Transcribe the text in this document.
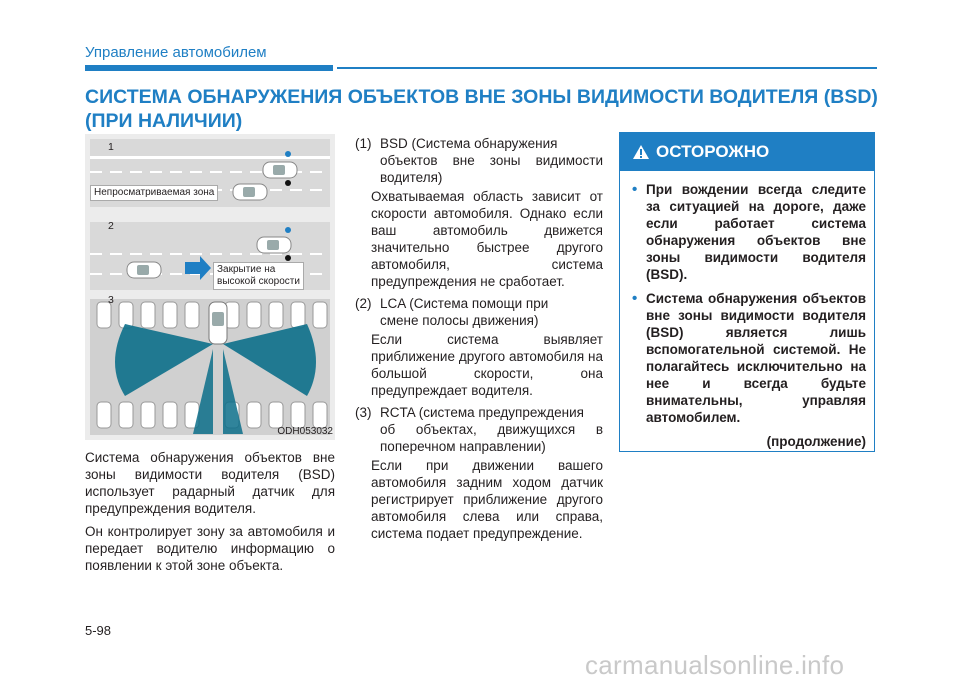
Управление автомобилем
СИСТЕМА ОБНАРУЖЕНИЯ ОБЪЕКТОВ ВНЕ ЗОНЫ ВИДИМОСТИ ВОДИТЕЛЯ (BSD) (ПРИ НАЛИЧИИ)
1
2
3
Непросматриваемая зона
Закрытие на
высокой скорости
ODH053032

Система обнаружения объектов вне зоны видимости водителя (BSD) использует радарный датчик для предупреждения водителя.

Он контролирует зону за автомобиля и передает водителю информацию о появлении к этой зоне объекта.

(1) BSD (Система обнаружения
объектов вне зоны видимости водителя)
Охватываемая область зависит от скорости автомобиля. Однако если ваш автомобиль движется значительно быстрее другого автомобиля, система предупреждения не сработает.
(2) LCA (Система помощи при
смене полосы движения)
Если система выявляет приближение другого автомобиля на большой скорости, она предупреждает водителя.
(3) RCTA (система предупреждения
об объектах, движущихся в поперечном направлении)
Если при движении вашего автомобиля задним ходом датчик регистрирует приближение другого автомобиля слева или справа, система подает предупреждение.
ОСТОРОЖНО
• При вождении всегда следите за ситуацией на дороге, даже если работает система обнаружения объектов вне зоны видимости водителя (BSD).
• Система обнаружения объектов вне зоны видимости водителя (BSD) является лишь вспомогательной системой. Не полагайтесь исключительно на нее и всегда будьте внимательны, управляя автомобилем.
(продолжение)
5-98
carmanualsonline.info
